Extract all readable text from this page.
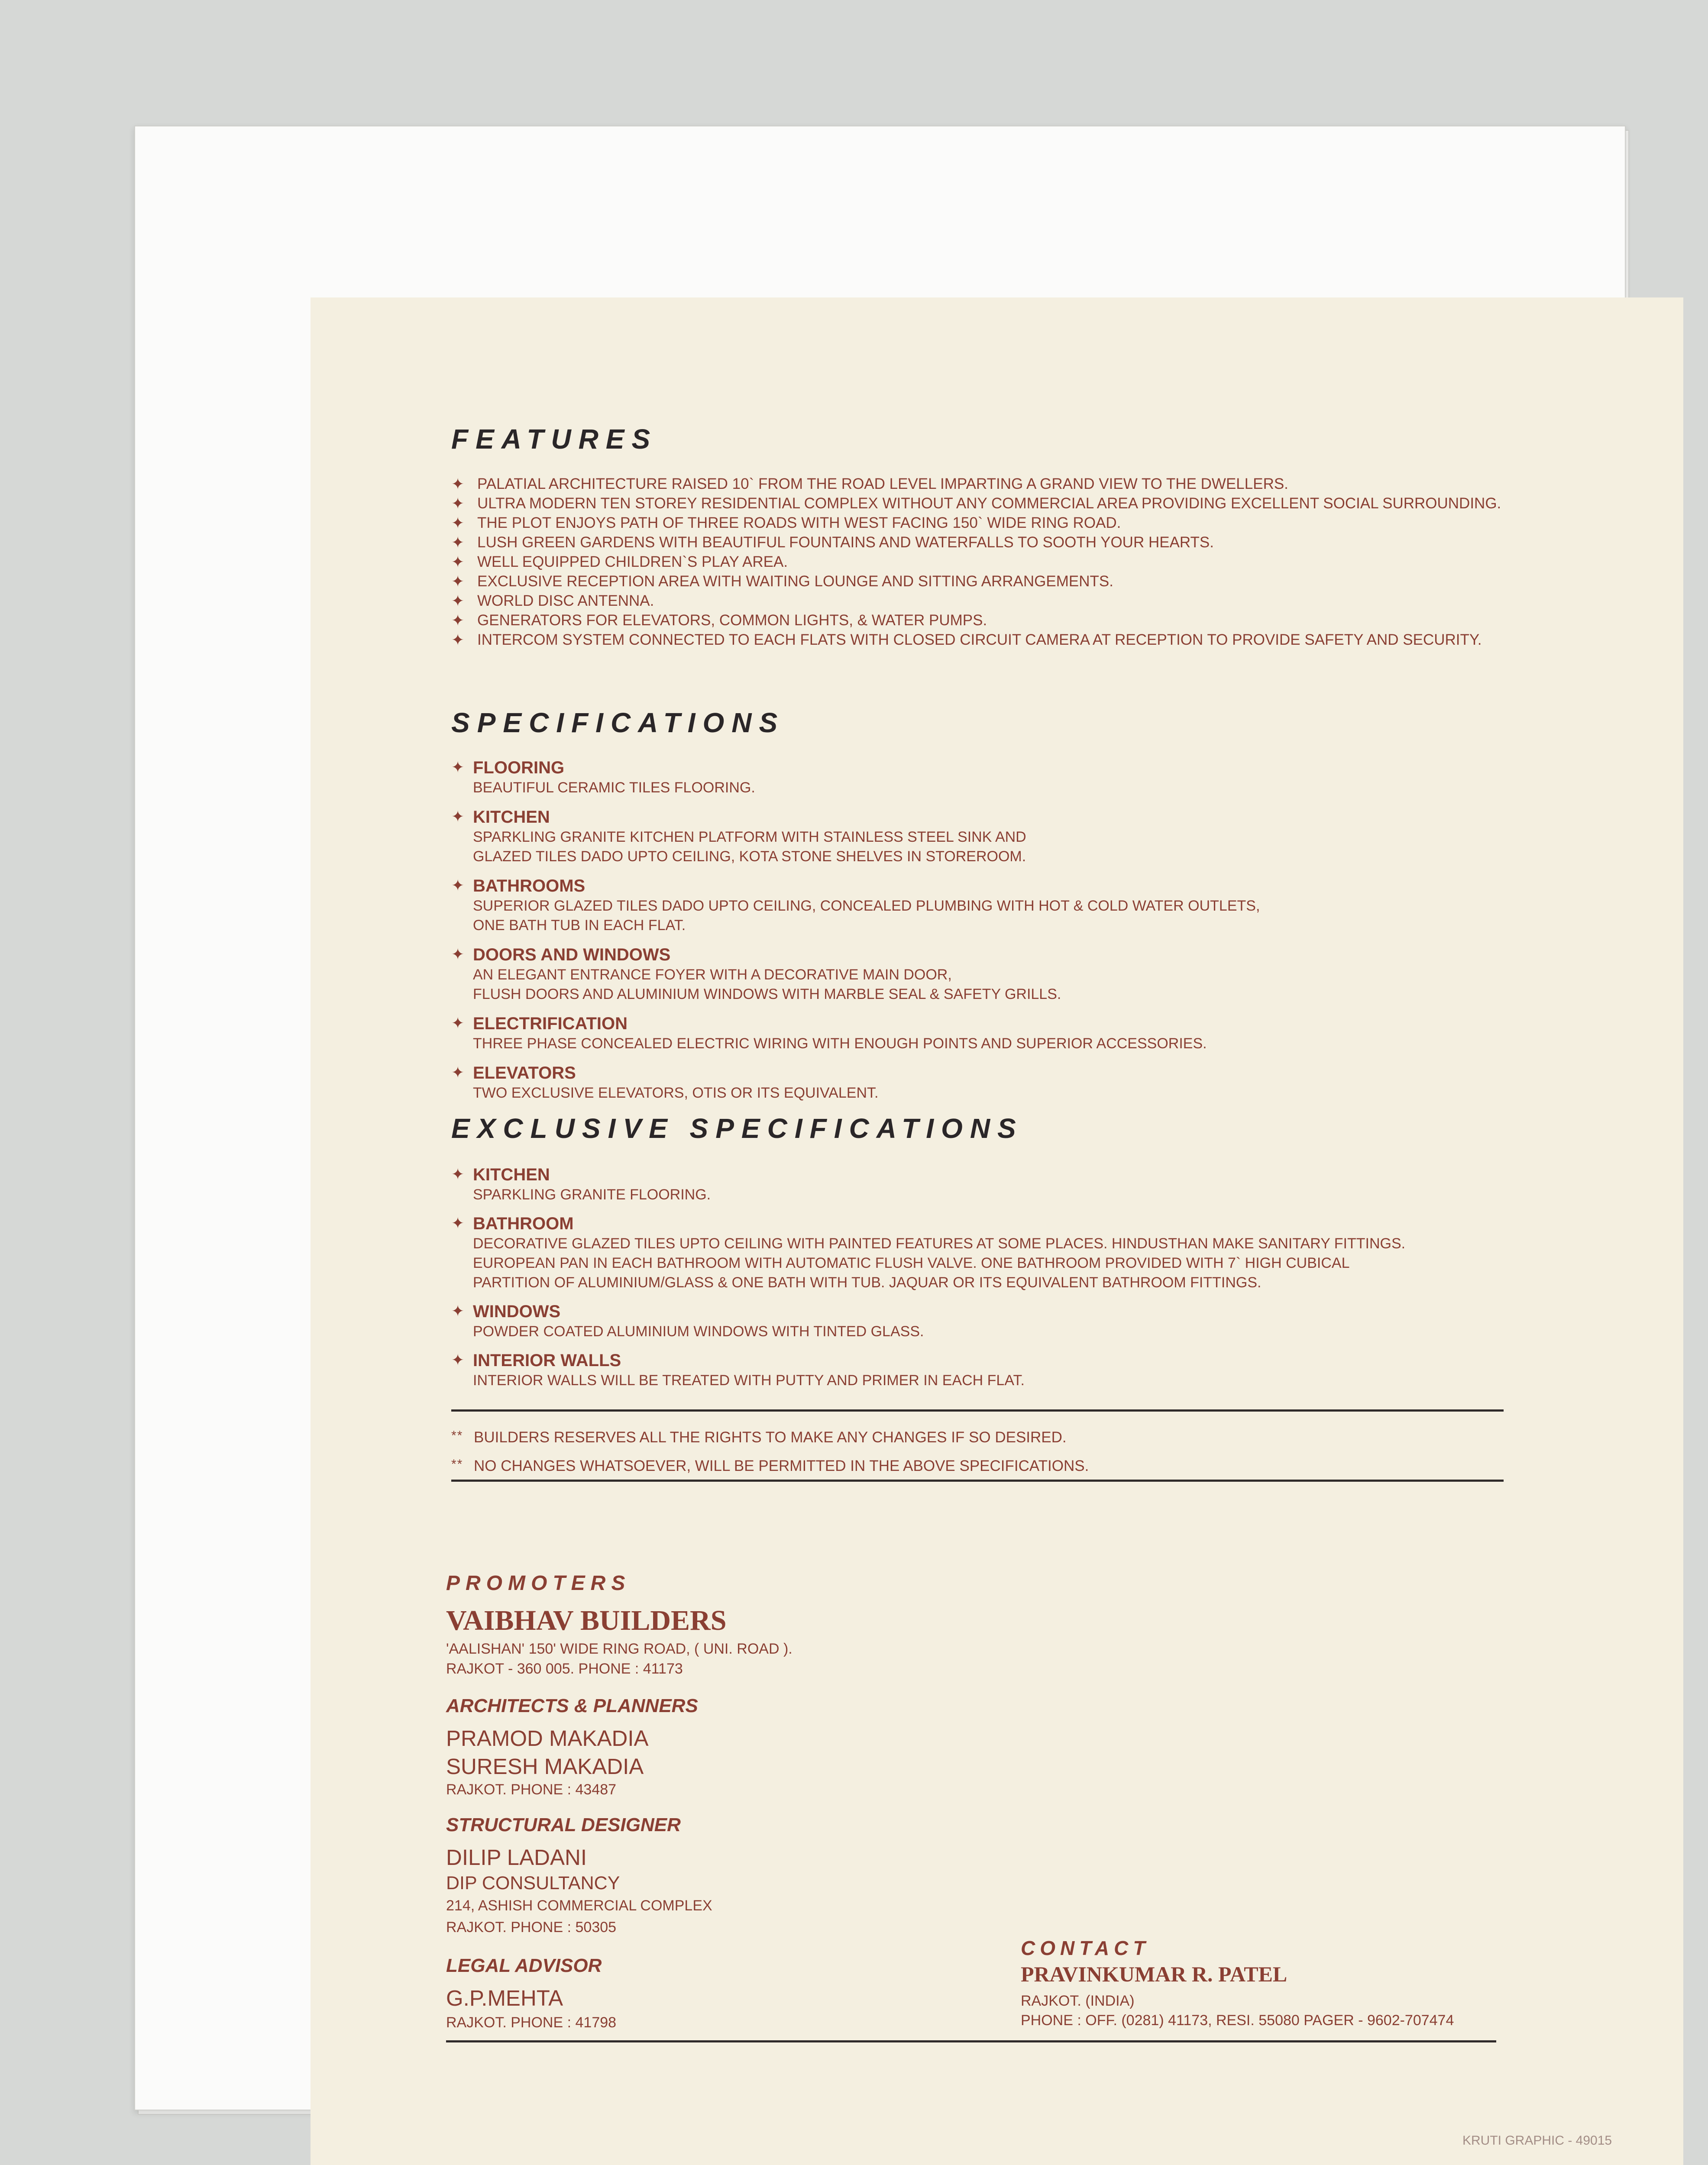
FEATURES
✦ PALATIAL ARCHITECTURE RAISED 10` FROM THE ROAD LEVEL IMPARTING A GRAND VIEW TO THE DWELLERS.
✦ ULTRA MODERN TEN STOREY RESIDENTIAL COMPLEX WITHOUT ANY COMMERCIAL AREA PROVIDING EXCELLENT SOCIAL SURROUNDING.
✦ THE PLOT ENJOYS PATH OF THREE ROADS WITH WEST FACING 150` WIDE RING ROAD.
✦ LUSH GREEN GARDENS WITH BEAUTIFUL FOUNTAINS AND WATERFALLS TO SOOTH YOUR HEARTS.
✦ WELL EQUIPPED CHILDREN`S PLAY AREA.
✦ EXCLUSIVE RECEPTION AREA WITH WAITING LOUNGE AND SITTING ARRANGEMENTS.
✦ WORLD DISC ANTENNA.
✦ GENERATORS FOR ELEVATORS, COMMON LIGHTS, & WATER PUMPS.
✦ INTERCOM SYSTEM CONNECTED TO EACH FLATS WITH CLOSED CIRCUIT CAMERA AT RECEPTION TO PROVIDE SAFETY AND SECURITY.
SPECIFICATIONS
✦ FLOORING
BEAUTIFUL CERAMIC TILES FLOORING.
✦ KITCHEN
SPARKLING GRANITE KITCHEN PLATFORM WITH STAINLESS STEEL SINK AND
GLAZED TILES DADO UPTO CEILING, KOTA STONE SHELVES IN STOREROOM.
✦ BATHROOMS
SUPERIOR GLAZED TILES DADO UPTO CEILING, CONCEALED PLUMBING WITH HOT & COLD WATER OUTLETS,
ONE BATH TUB IN EACH FLAT.
✦ DOORS AND WINDOWS
AN ELEGANT ENTRANCE FOYER WITH A DECORATIVE MAIN DOOR,
FLUSH DOORS AND ALUMINIUM WINDOWS WITH MARBLE SEAL & SAFETY GRILLS.
✦ ELECTRIFICATION
THREE PHASE CONCEALED ELECTRIC WIRING WITH ENOUGH POINTS AND SUPERIOR ACCESSORIES.
✦ ELEVATORS
TWO EXCLUSIVE ELEVATORS, OTIS OR ITS EQUIVALENT.
EXCLUSIVE SPECIFICATIONS
✦ KITCHEN
SPARKLING GRANITE FLOORING.
✦ BATHROOM
DECORATIVE GLAZED TILES UPTO CEILING WITH PAINTED FEATURES AT SOME PLACES. HINDUSTHAN MAKE SANITARY FITTINGS.
EUROPEAN PAN IN EACH BATHROOM WITH AUTOMATIC FLUSH VALVE. ONE BATHROOM PROVIDED WITH 7` HIGH CUBICAL
PARTITION OF ALUMINIUM/GLASS & ONE BATH WITH TUB. JAQUAR OR ITS EQUIVALENT BATHROOM FITTINGS.
✦ WINDOWS
POWDER COATED ALUMINIUM WINDOWS WITH TINTED GLASS.
✦ INTERIOR WALLS
INTERIOR WALLS WILL BE TREATED WITH PUTTY AND PRIMER IN EACH FLAT.
** BUILDERS RESERVES ALL THE RIGHTS TO MAKE ANY CHANGES IF SO DESIRED.
** NO CHANGES WHATSOEVER, WILL BE PERMITTED IN THE ABOVE SPECIFICATIONS.

PROMOTERS

VAIBHAV BUILDERS

'AALISHAN' 150' WIDE RING ROAD, ( UNI. ROAD ).

RAJKOT - 360 005. PHONE : 41173

ARCHITECTS & PLANNERS

PRAMOD MAKADIA

SURESH MAKADIA

RAJKOT. PHONE : 43487

STRUCTURAL DESIGNER

DILIP LADANI

DIP CONSULTANCY

214, ASHISH COMMERCIAL COMPLEX

RAJKOT. PHONE : 50305

LEGAL ADVISOR

G.P.MEHTA

RAJKOT. PHONE : 41798

CONTACT

PRAVINKUMAR R. PATEL

RAJKOT. (INDIA)

PHONE : OFF. (0281) 41173, RESI. 55080 PAGER - 9602-707474

KRUTI GRAPHIC - 49015
